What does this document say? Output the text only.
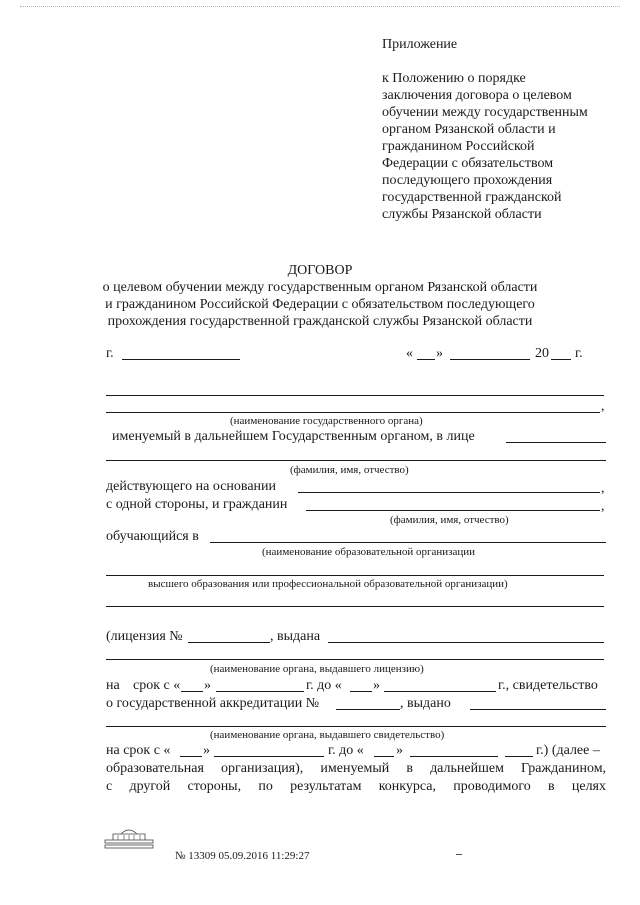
Приложение
к Положению о порядке
заключения договора о целевом
обучении между государственным
органом Рязанской области и
гражданином Российской
Федерации с обязательством
последующего прохождения
государственной гражданской
службы Рязанской области
ДОГОВОР
о целевом обучении между государственным органом Рязанской области
и гражданином Российской Федерации с обязательством последующего
прохождения государственной гражданской службы Рязанской области
г.	« »	20 г.
,
(наименование государственного органа)
именуемый в дальнейшем Государственным органом, в лице
(фамилия, имя, отчество)
действующего на основании	,
с одной стороны, и гражданин	,
(фамилия, имя, отчество)
обучающийся в
(наименование образовательной организации
высшего образования или профессиональной образовательной организации)
(лицензия №	, выдана
(наименование органа, выдавшего лицензию)
на срок с « »	г. до « »	г., свидетельство
о государственной аккредитации №	, выдано
(наименование органа, выдавшего свидетельство)
на срок с « »	г. до « »	г.) (далее –
образовательная организация), именуемый в дальнейшем Гражданином,
с другой стороны, по результатам конкурса, проводимого в целях
№ 13309 05.09.2016 11:29:27
